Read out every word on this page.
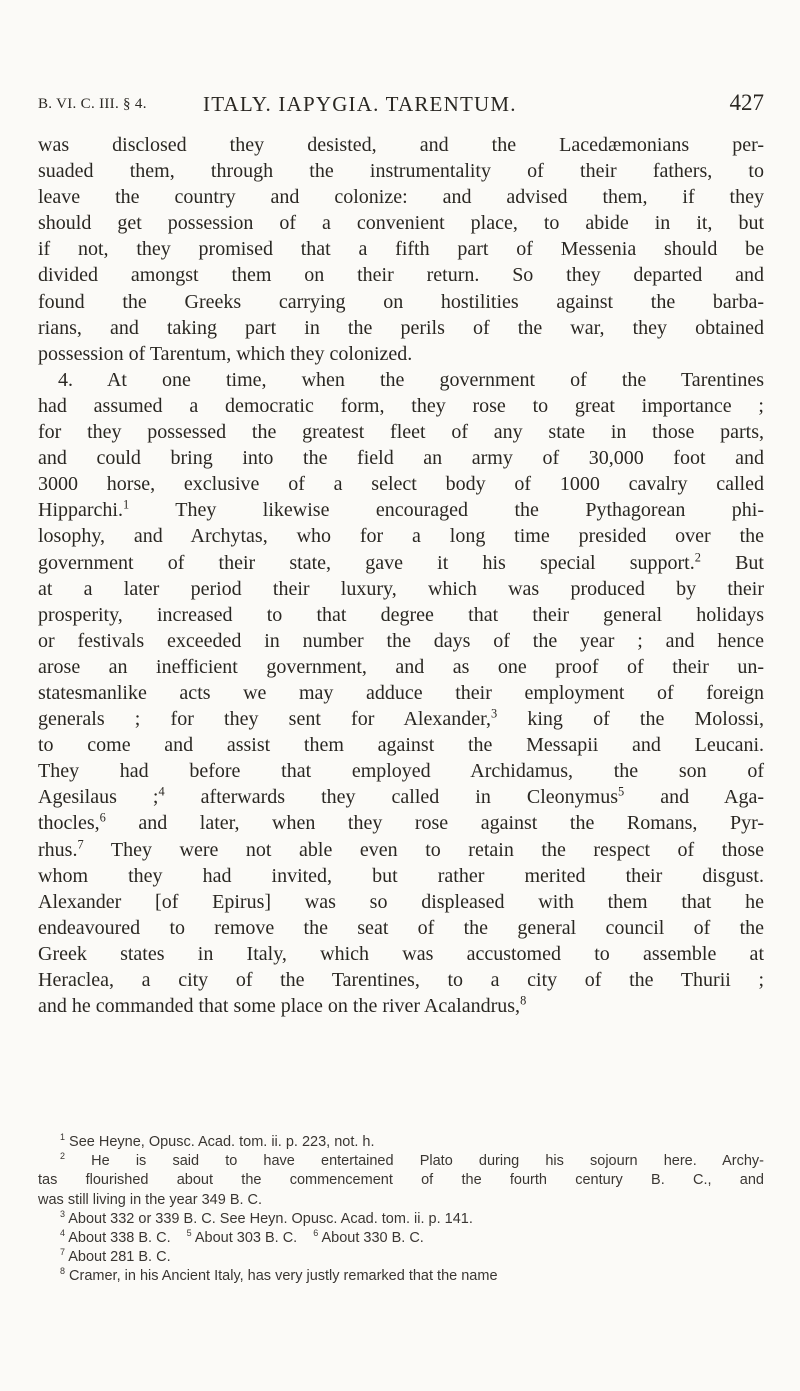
B. VI. C. III. § 4.	ITALY. IAPYGIA. TARENTUM.	427
was disclosed they desisted, and the Lacedæmonians per-
suaded them, through the instrumentality of their fathers, to
leave the country and colonize: and advised them, if they
should get possession of a convenient place, to abide in it, but
if not, they promised that a fifth part of Messenia should be
divided amongst them on their return. So they departed and
found the Greeks carrying on hostilities against the barba-
rians, and taking part in the perils of the war, they obtained
possession of Tarentum, which they colonized.
4. At one time, when the government of the Tarentines
had assumed a democratic form, they rose to great importance ;
for they possessed the greatest fleet of any state in those parts,
and could bring into the field an army of 30,000 foot and
3000 horse, exclusive of a select body of 1000 cavalry called
Hipparchi.$^1$ They likewise encouraged the Pythagorean phi-
losophy, and Archytas, who for a long time presided over the
government of their state, gave it his special support.$^2$ But
at a later period their luxury, which was produced by their
prosperity, increased to that degree that their general holidays
or festivals exceeded in number the days of the year ; and hence
arose an inefficient government, and as one proof of their un-
statesmanlike acts we may adduce their employment of foreign
generals ; for they sent for Alexander,$^3$ king of the Molossi,
to come and assist them against the Messapii and Leucani.
They had before that employed Archidamus, the son of
Agesilaus ;$^4$ afterwards they called in Cleonymus$^5$ and Aga-
thocles,$^6$ and later, when they rose against the Romans, Pyr-
rhus.$^7$ They were not able even to retain the respect of those
whom they had invited, but rather merited their disgust.
Alexander [of Epirus] was so displeased with them that he
endeavoured to remove the seat of the general council of the
Greek states in Italy, which was accustomed to assemble at
Heraclea, a city of the Tarentines, to a city of the Thurii ;
and he commanded that some place on the river Acalandrus,$^8$
$^1$ See Heyne, Opusc. Acad. tom. ii. p. 223, not. h.
$^2$ He is said to have entertained Plato during his sojourn here. Archy-
tas flourished about the commencement of the fourth century B. C., and
was still living in the year 349 B. C.
$^3$ About 332 or 339 B. C. See Heyn. Opusc. Acad. tom. ii. p. 141.
$^4$ About 338 B. C. $^5$ About 303 B. C. $^6$ About 330 B. C.
$^7$ About 281 B. C.
$^8$ Cramer, in his Ancient Italy, has very justly remarked that the name
